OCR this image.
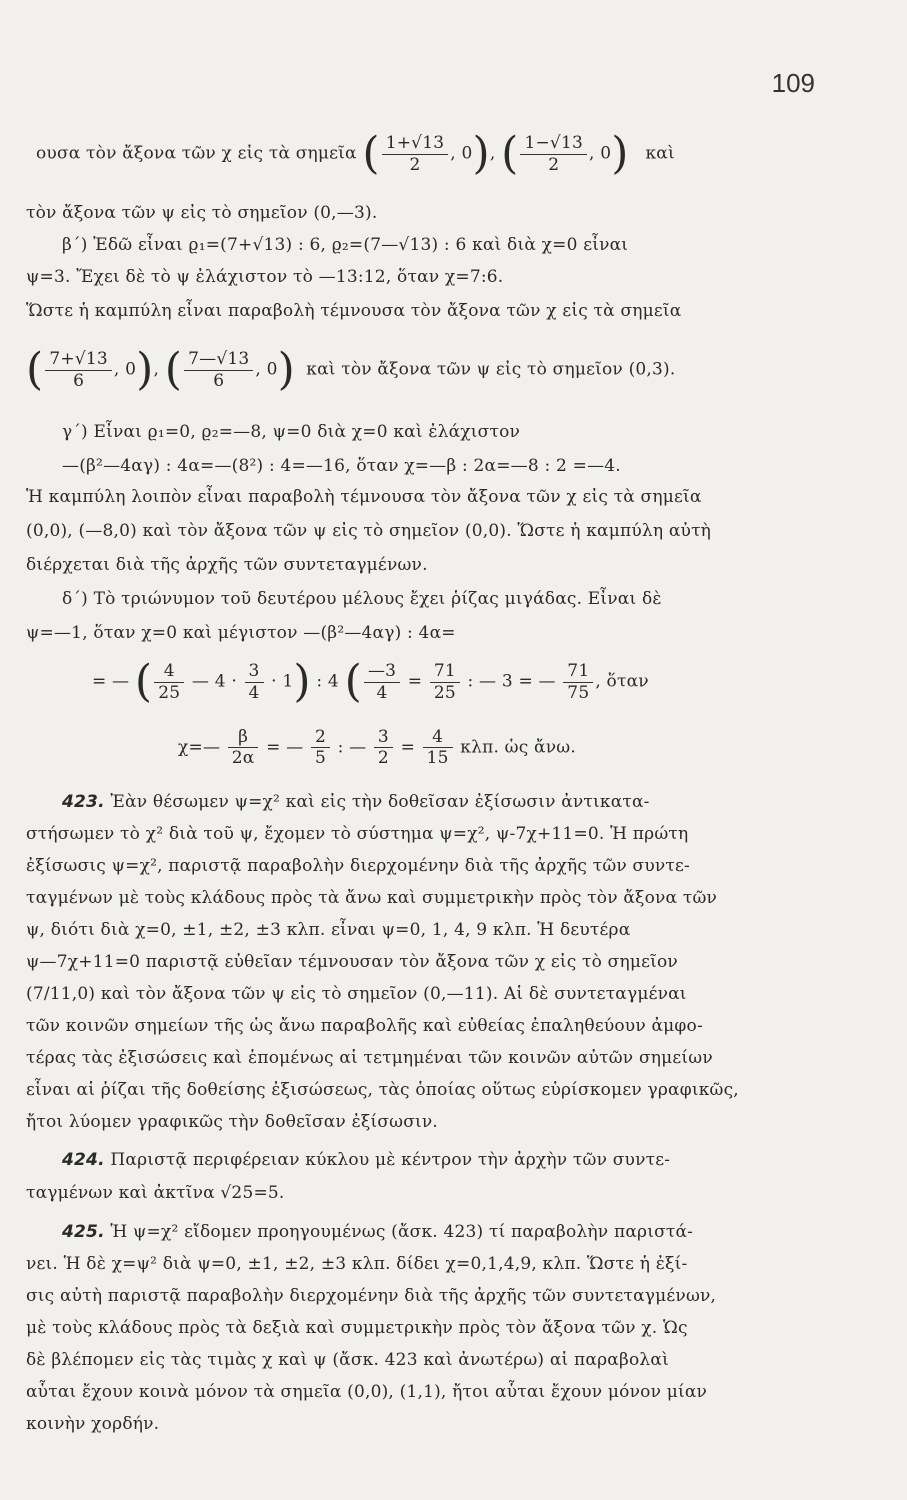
109
ουσα τὸν ἄξονα τῶν χ εἰς τὰ σημεῖα ( $\frac{1+√13}{2}$ , 0), ( $\frac{1-√13}{2}$ , 0) καὶ
τὸν ἄξονα τῶν ψ εἰς τὸ σημεῖον (0,—3).
β΄) Ἐδῶ εἶναι ϱ₁=(7+√13) : 6, ϱ₂=(7—√13) : 6 καὶ διὰ χ=0 εἶναι
ψ=3. Ἔχει δὲ τὸ ψ ἐλάχιστον τὸ —13:12, ὅταν χ=7:6.
Ὥστε ἡ καμπύλη εἶναι παραβολὴ τέμνουσα τὸν ἄξονα τῶν χ εἰς τὰ σημεῖα
( $\frac{7+√13}{6}$ , 0), ( $\frac{7—√13}{6}$ , 0) καὶ τὸν ἄξονα τῶν ψ εἰς τὸ σημεῖον (0,3).
γ΄) Εἶναι ϱ₁=0, ϱ₂=—8, ψ=0 διὰ χ=0 καὶ ἐλάχιστον
—(β²—4αγ) : 4α=—(8²) : 4=—16, ὅταν χ=—β : 2α=—8 : 2 =—4.
Ἡ καμπύλη λοιπὸν εἶναι παραβολὴ τέμνουσα τὸν ἄξονα τῶν χ εἰς τὰ σημεῖα
(0,0), (—8,0) καὶ τὸν ἄξονα τῶν ψ εἰς τὸ σημεῖον (0,0). Ὥστε ἡ καμπύλη αὐτὴ
διέρχεται διὰ τῆς ἀρχῆς τῶν συντεταγμένων.
δ΄) Τὸ τριώνυμον τοῦ δευτέρου μέλους ἔχει ῥίζας μιγάδας. Εἶναι δὲ
ψ=—1, ὅταν χ=0 καὶ μέγιστον —(β²—4αγ) : 4α=
= — ( $\frac{4}{25}$ — $4 \cdot \frac{3}{4} \cdot 1$) : 4 ( $\frac{—3}{4} = \frac{71}{25}$ : — 3 = — $\frac{71}{75}$ , ὅταν
χ=— $\frac{\beta}{2\alpha}$ = — $\frac{2}{5}$ : — $\frac{3}{2} = \frac{4}{15} \kappa\lambda\pi$. ὡς ἄνω.
423. Ἐὰν θέσωμεν ψ=χ² καὶ εἰς τὴν δοθεῖσαν ἐξίσωσιν ἀντικατα-
στήσωμεν τὸ χ² διὰ τοῦ ψ, ἔχομεν τὸ σύστημα ψ=χ², ψ-7χ+11=0. Ἡ πρώτη
ἐξίσωσις ψ=χ², παριστᾷ παραβολὴν διερχομένην διὰ τῆς ἀρχῆς τῶν συντε-
ταγμένων μὲ τοὺς κλάδους πρὸς τὰ ἄνω καὶ συμμετρικὴν πρὸς τὸν ἄξονα τῶν
ψ, διότι διὰ χ=0, ±1, ±2, ±3 κλπ. εἶναι ψ=0, 1, 4, 9 κλπ. Ἡ δευτέρα
ψ—7χ+11=0 παριστᾷ εὐθεῖαν τέμνουσαν τὸν ἄξονα τῶν χ εἰς τὸ σημεῖον
(7/11,0) καὶ τὸν ἄξονα τῶν ψ εἰς τὸ σημεῖον (0,—11). Αἱ δὲ συντεταγμέναι
τῶν κοινῶν σημείων τῆς ὡς ἄνω παραβολῆς καὶ εὐθείας ἐπαληθεύουν ἀμφο-
τέρας τὰς ἐξισώσεις καὶ ἑπομένως αἱ τετμημέναι τῶν κοινῶν αὐτῶν σημείων
εἶναι αἱ ῥίζαι τῆς δοθείσης ἐξισώσεως, τὰς ὁποίας οὕτως εὑρίσκομεν γραφικῶς,
ἤτοι λύομεν γραφικῶς τὴν δοθεῖσαν ἐξίσωσιν.
424. Παριστᾷ περιφέρειαν κύκλου μὲ κέντρον τὴν ἀρχὴν τῶν συντε-
ταγμένων καὶ ἀκτῖνα √25=5.
425. Ἡ ψ=χ² εἴδομεν προηγουμένως (ἄσκ. 423) τί παραβολὴν παριστά-
νει. Ἡ δὲ χ=ψ² διὰ ψ=0, ±1, ±2, ±3 κλπ. δίδει χ=0,1,4,9, κλπ. Ὥστε ἡ ἐξί-
σις αὐτὴ παριστᾷ παραβολὴν διερχομένην διὰ τῆς ἀρχῆς τῶν συντεταγμένων,
μὲ τοὺς κλάδους πρὸς τὰ δεξιὰ καὶ συμμετρικὴν πρὸς τὸν ἄξονα τῶν χ. Ὡς
δὲ βλέπομεν εἰς τὰς τιμὰς χ καὶ ψ (ἄσκ. 423 καὶ ἀνωτέρω) αἱ παραβολαὶ
αὗται ἔχουν κοινὰ μόνον τὰ σημεῖα (0,0), (1,1), ἤτοι αὗται ἔχουν μόνον μίαν
κοινὴν χορδήν.
